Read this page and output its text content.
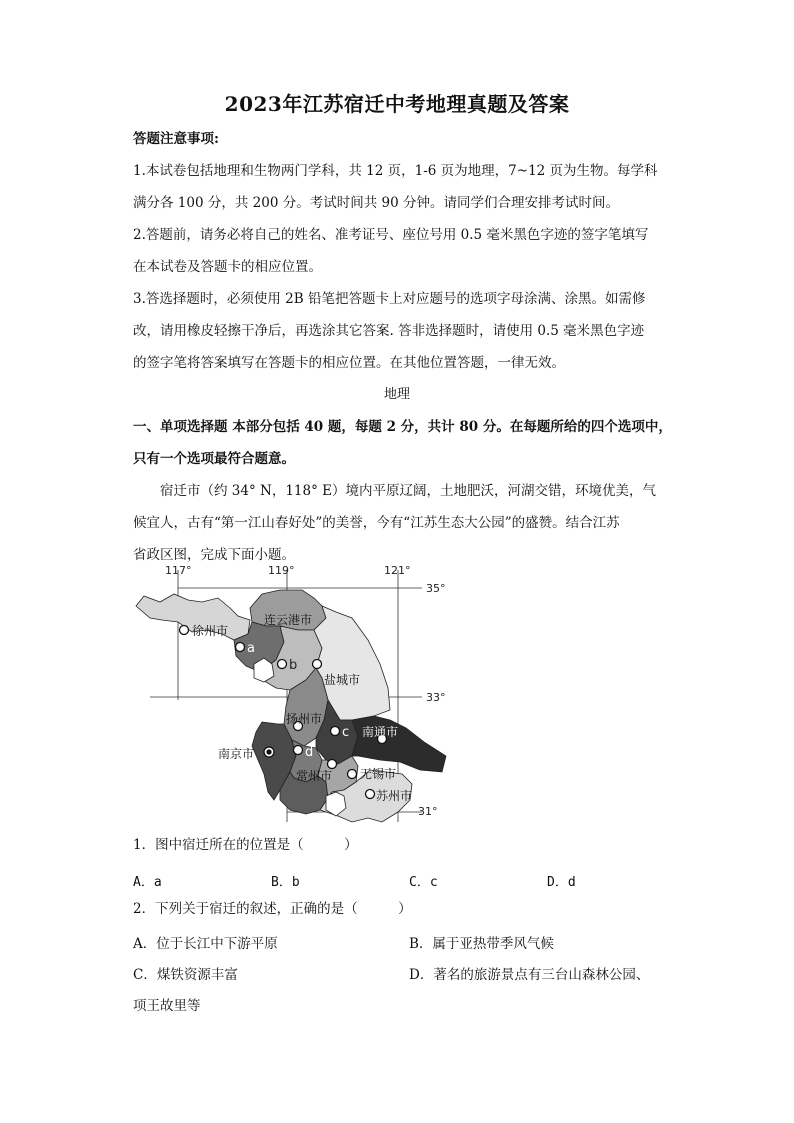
2023年江苏宿迁中考地理真题及答案
答题注意事项:
1.本试卷包括地理和生物两门学科，共 12 页，1-6 页为地理，7~12 页为生物。每学科
满分各 100 分，共 200 分。考试时间共 90 分钟。请同学们合理安排考试时间。
2.答题前，请务必将自己的姓名、准考证号、座位号用 0.5 毫米黑色字迹的签字笔填写
在本试卷及答题卡的相应位置。
3.答选择题时，必须使用 2B 铅笔把答题卡上对应题号的选项字母涂满、涂黑。如需修
改，请用橡皮轻擦干净后，再选涂其它答案. 答非选择题时，请使用 0.5 毫米黑色字迹
的签字笔将答案填写在答题卡的相应位置。在其他位置答题，一律无效。
地理
一、单项选择题 本部分包括 40 题，每题 2 分，共计 80 分。在每题所给的四个选项中，
只有一个选项最符合题意。
宿迁市（约 34° N，118° E）境内平原辽阔，土地肥沃，河湖交错，环境优美，气
候宜人，古有“第一江山春好处”的美誉，今有“江苏生态大公园”的盛赞。结合江苏
省政区图，完成下面小题。
117°	119°	121°
35°
33°
31°
徐州市
连云港市
盐城市
扬州市
南通市
南京市
常州市 无锡市
苏州市
a
b
c
d
1．图中宿迁所在的位置是（　　　）
A．a	B．b	C．c	D．d
2．下列关于宿迁的叙述，正确的是（　　　）
A．位于长江中下游平原	B．属于亚热带季风气候
C．煤铁资源丰富	D．著名的旅游景点有三台山森林公园、
项王故里等
